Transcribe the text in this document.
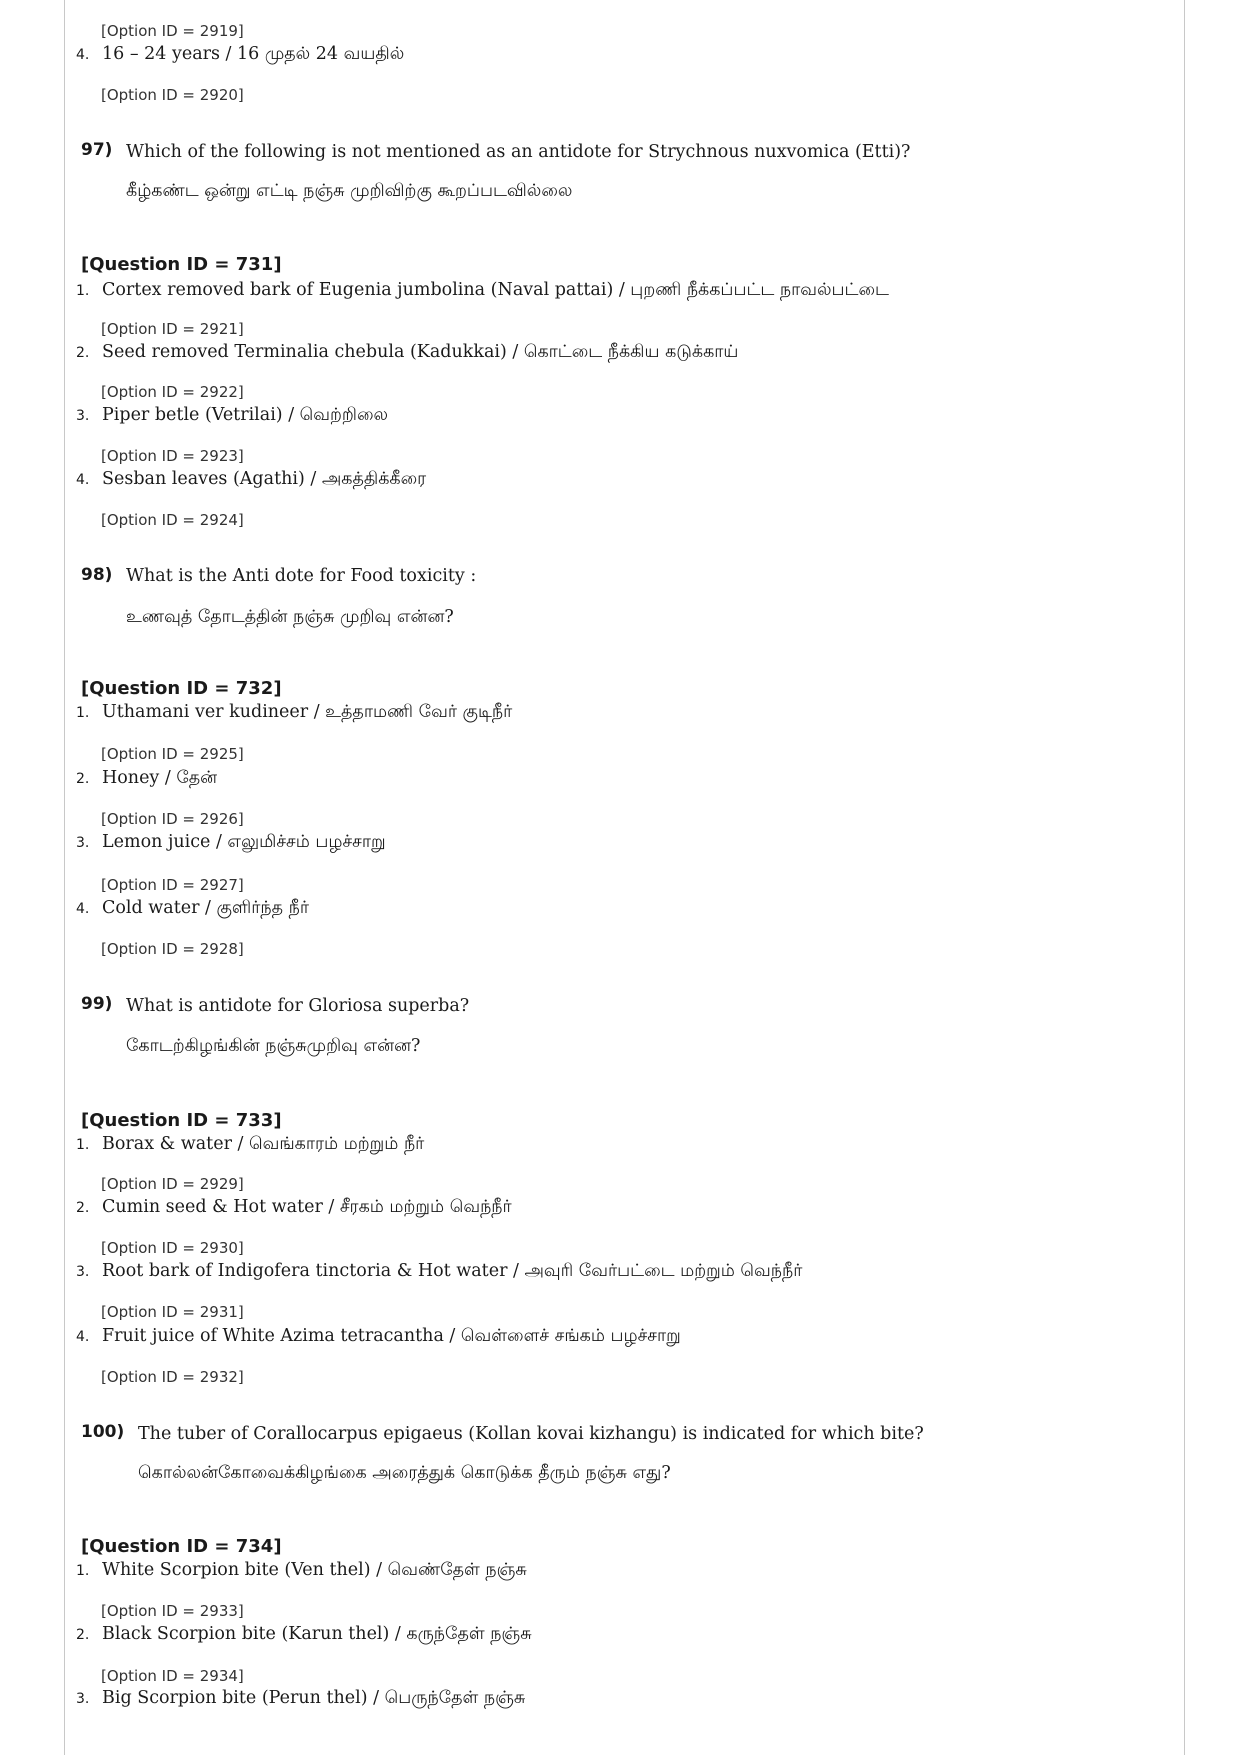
[Option ID = 2919]
4. 16 – 24 years / 16 முதல் 24 வயதில்
[Option ID = 2920]
97) Which of the following is not mentioned as an antidote for Strychnous nuxvomica (Etti)?
கீழ்கண்ட ஒன்று எட்டி நஞ்சு முறிவிற்கு கூறப்படவில்லை
[Question ID = 731]
1. Cortex removed bark of Eugenia jumbolina (Naval pattai) / புறணி நீக்கப்பட்ட நாவல்பட்டை
[Option ID = 2921]
2. Seed removed Terminalia chebula (Kadukkai) / கொட்டை நீக்கிய கடுக்காய்
[Option ID = 2922]
3. Piper betle (Vetrilai) / வெற்றிலை
[Option ID = 2923]
4. Sesban leaves (Agathi) / அகத்திக்கீரை
[Option ID = 2924]
98) What is the Anti dote for Food toxicity :
உணவுத் தோடத்தின் நஞ்சு முறிவு என்ன?
[Question ID = 732]
1. Uthamani ver kudineer / உத்தாமணி வேர் குடிநீர்
[Option ID = 2925]
2. Honey / தேன்
[Option ID = 2926]
3. Lemon juice / எலுமிச்சம் பழச்சாறு
[Option ID = 2927]
4. Cold water / குளிர்ந்த நீர்
[Option ID = 2928]
99) What is antidote for Gloriosa superba?
கோடற்கிழங்கின் நஞ்சுமுறிவு என்ன?
[Question ID = 733]
1. Borax & water / வெங்காரம் மற்றும் நீர்
[Option ID = 2929]
2. Cumin seed & Hot water / சீரகம் மற்றும் வெந்நீர்
[Option ID = 2930]
3. Root bark of Indigofera tinctoria & Hot water / அவுரி வேர்பட்டை மற்றும் வெந்நீர்
[Option ID = 2931]
4. Fruit juice of White Azima tetracantha / வெள்ளைச் சங்கம் பழச்சாறு
[Option ID = 2932]
100) The tuber of Corallocarpus epigaeus (Kollan kovai kizhangu) is indicated for which bite?
கொல்லன்கோவைக்கிழங்கை அரைத்துக் கொடுக்க தீரும் நஞ்சு எது?
[Question ID = 734]
1. White Scorpion bite (Ven thel) / வெண்தேள் நஞ்சு
[Option ID = 2933]
2. Black Scorpion bite (Karun thel) / கருந்தேள் நஞ்சு
[Option ID = 2934]
3. Big Scorpion bite (Perun thel) / பெருந்தேள் நஞ்சு
